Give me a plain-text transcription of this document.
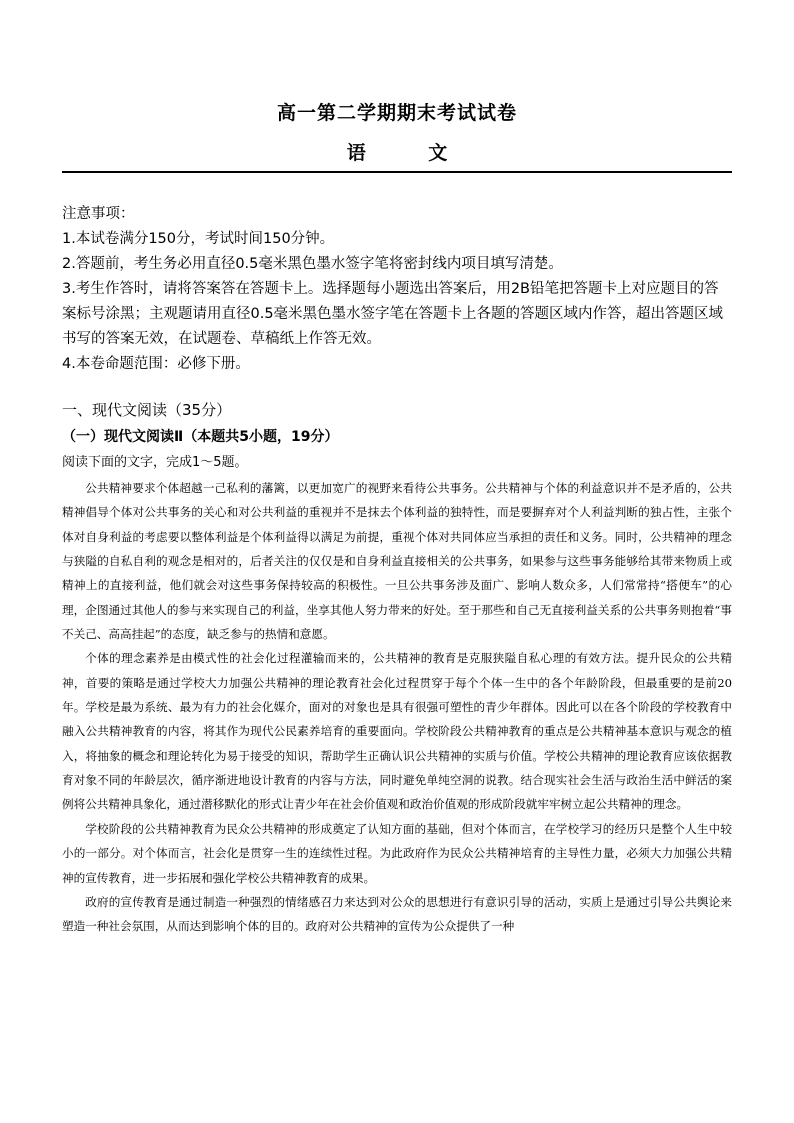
高一第二学期期末考试试卷
语 文

注意事项：

1.本试卷满分150分，考试时间150分钟。

2.答题前，考生务必用直径0.5毫米黑色墨水签字笔将密封线内项目填写清楚。

3.考生作答时，请将答案答在答题卡上。选择题每小题选出答案后，用2B铅笔把答题卡上对应题目的答案标号涂黑；主观题请用直径0.5毫米黑色墨水签字笔在答题卡上各题的答题区域内作答，超出答题区域书写的答案无效，在试题卷、草稿纸上作答无效。

4.本卷命题范围：必修下册。

一、现代文阅读（35分）
（一）现代文阅读Ⅱ（本题共5小题，19分）
阅读下面的文字，完成1～5题。

公共精神要求个体超越一己私利的藩篱，以更加宽广的视野来看待公共事务。公共精神与个体的利益意识并不是矛盾的，公共精神倡导个体对公共事务的关心和对公共利益的重视并不是抹去个体利益的独特性，而是要摒弃对个人利益判断的独占性，主张个体对自身利益的考虑要以整体利益是个体利益得以满足为前提，重视个体对共同体应当承担的责任和义务。同时，公共精神的理念与狭隘的自私自利的观念是相对的，后者关注的仅仅是和自身利益直接相关的公共事务，如果参与这些事务能够给其带来物质上或精神上的直接利益，他们就会对这些事务保持较高的积极性。一旦公共事务涉及面广、影响人数众多，人们常常持“搭便车”的心理，企图通过其他人的参与来实现自己的利益，坐享其他人努力带来的好处。至于那些和自己无直接利益关系的公共事务则抱着“事不关己、高高挂起”的态度，缺乏参与的热情和意愿。

个体的理念素养是由模式性的社会化过程灌输而来的，公共精神的教育是克服狭隘自私心理的有效方法。提升民众的公共精神，首要的策略是通过学校大力加强公共精神的理论教育社会化过程贯穿于每个个体一生中的各个年龄阶段，但最重要的是前20年。学校是最为系统、最为有力的社会化媒介，面对的对象也是具有很强可塑性的青少年群体。因此可以在各个阶段的学校教育中融入公共精神教育的内容，将其作为现代公民素养培育的重要面向。学校阶段公共精神教育的重点是公共精神基本意识与观念的植入，将抽象的概念和理论转化为易于接受的知识，帮助学生正确认识公共精神的实质与价值。学校公共精神的理论教育应该依据教育对象不同的年龄层次，循序渐进地设计教育的内容与方法，同时避免单纯空洞的说教。结合现实社会生活与政治生活中鲜活的案例将公共精神具象化，通过潜移默化的形式让青少年在社会价值观和政治价值观的形成阶段就牢牢树立起公共精神的理念。

学校阶段的公共精神教育为民众公共精神的形成奠定了认知方面的基础，但对个体而言，在学校学习的经历只是整个人生中较小的一部分。对个体而言，社会化是贯穿一生的连续性过程。为此政府作为民众公共精神培育的主导性力量，必须大力加强公共精神的宣传教育，进一步拓展和强化学校公共精神教育的成果。

政府的宣传教育是通过制造一种强烈的情绪感召力来达到对公众的思想进行有意识引导的活动，实质上是通过引导公共舆论来塑造一种社会氛围，从而达到影响个体的目的。政府对公共精神的宣传为公众提供了一种
